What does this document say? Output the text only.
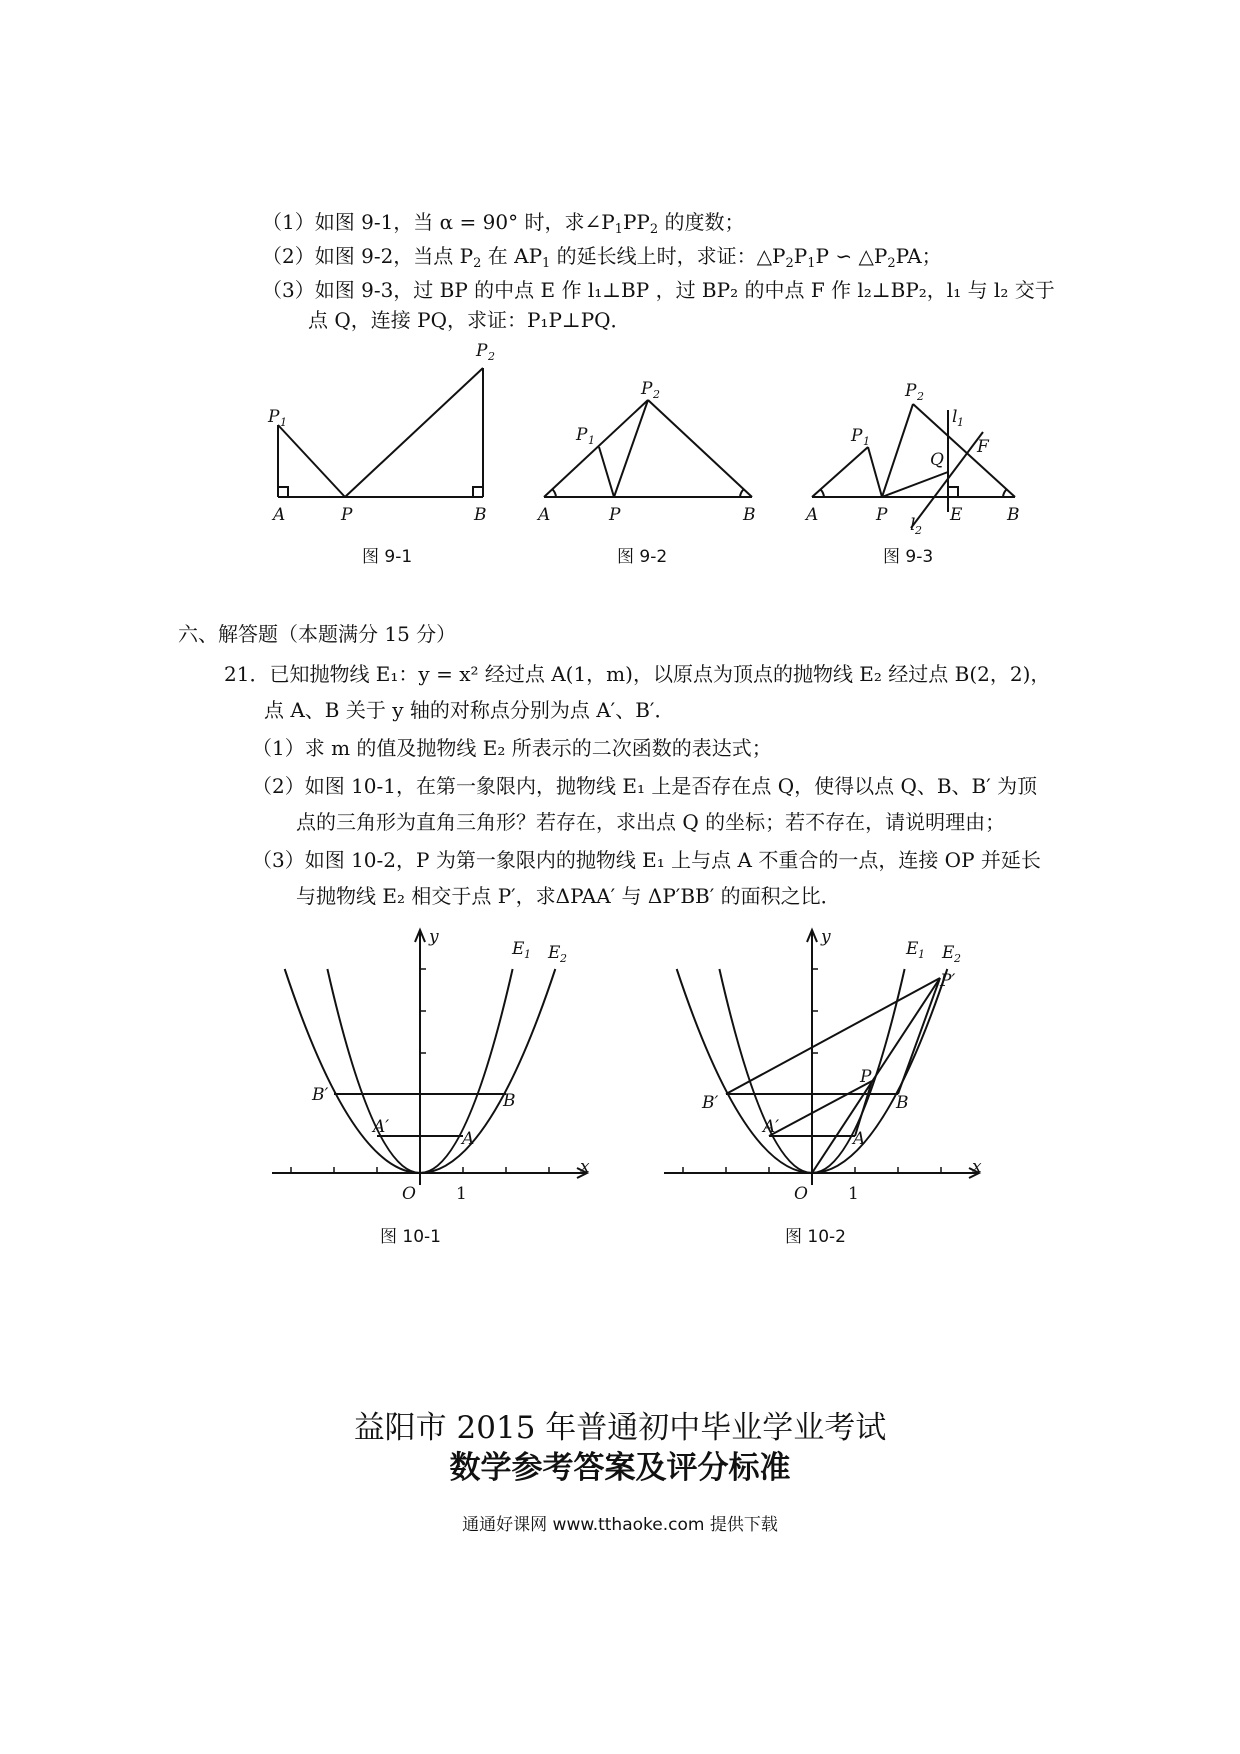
（1）如图 9-1，当 α = 90° 时，求$\angle P_1PP_2$ 的度数；
（2）如图 9-2，当点 $P_2$ 在 $AP_1$ 的延长线上时，求证：$\triangle P_2P_1P$ ∽ $\triangle P_2PA$；
（3）如图 9-3，过 BP 的中点 E 作 l₁⊥BP ，过 BP₂ 的中点 F 作 l₂⊥BP₂，l₁ 与 l₂ 交于
点 Q，连接 PQ，求证：P₁P⊥PQ．
P 1
A	P	B
P 2
图 9-1
P 1
P 2
A	P	B
图 9-2
P 1
P 2
l 1
F
Q
A	P l 2
E	B
图 9-3
六、解答题（本题满分 15 分）
21．已知抛物线 E₁：y = x² 经过点 A(1，m)，以原点为顶点的抛物线 E₂ 经过点 B(2，2)，
点 A、B 关于 y 轴的对称点分别为点 A′、B′．
（1）求 m 的值及抛物线 E₂ 所表示的二次函数的表达式；
（2）如图 10-1，在第一象限内，抛物线 E₁ 上是否存在点 Q，使得以点 Q、B、B′ 为顶
点的三角形为直角三角形？若存在，求出点 Q 的坐标；若不存在，请说明理由；
（3）如图 10-2，P 为第一象限内的抛物线 E₁ 上与点 A 不重合的一点，连接 OP 并延长
与抛物线 E₂ 相交于点 P′，求ΔPAA′ 与 ΔP′BB′ 的面积之比．
y
x
E 1 E 2
B′	B
A′
A
O 1
图 10-1
y
x
E 1 E 2
P′
P
B′	B
A′
A
O 1
图 10-2
益阳市 2015 年普通初中毕业学业考试
数学参考答案及评分标准
通通好课网 www.tthaoke.com 提供下载
